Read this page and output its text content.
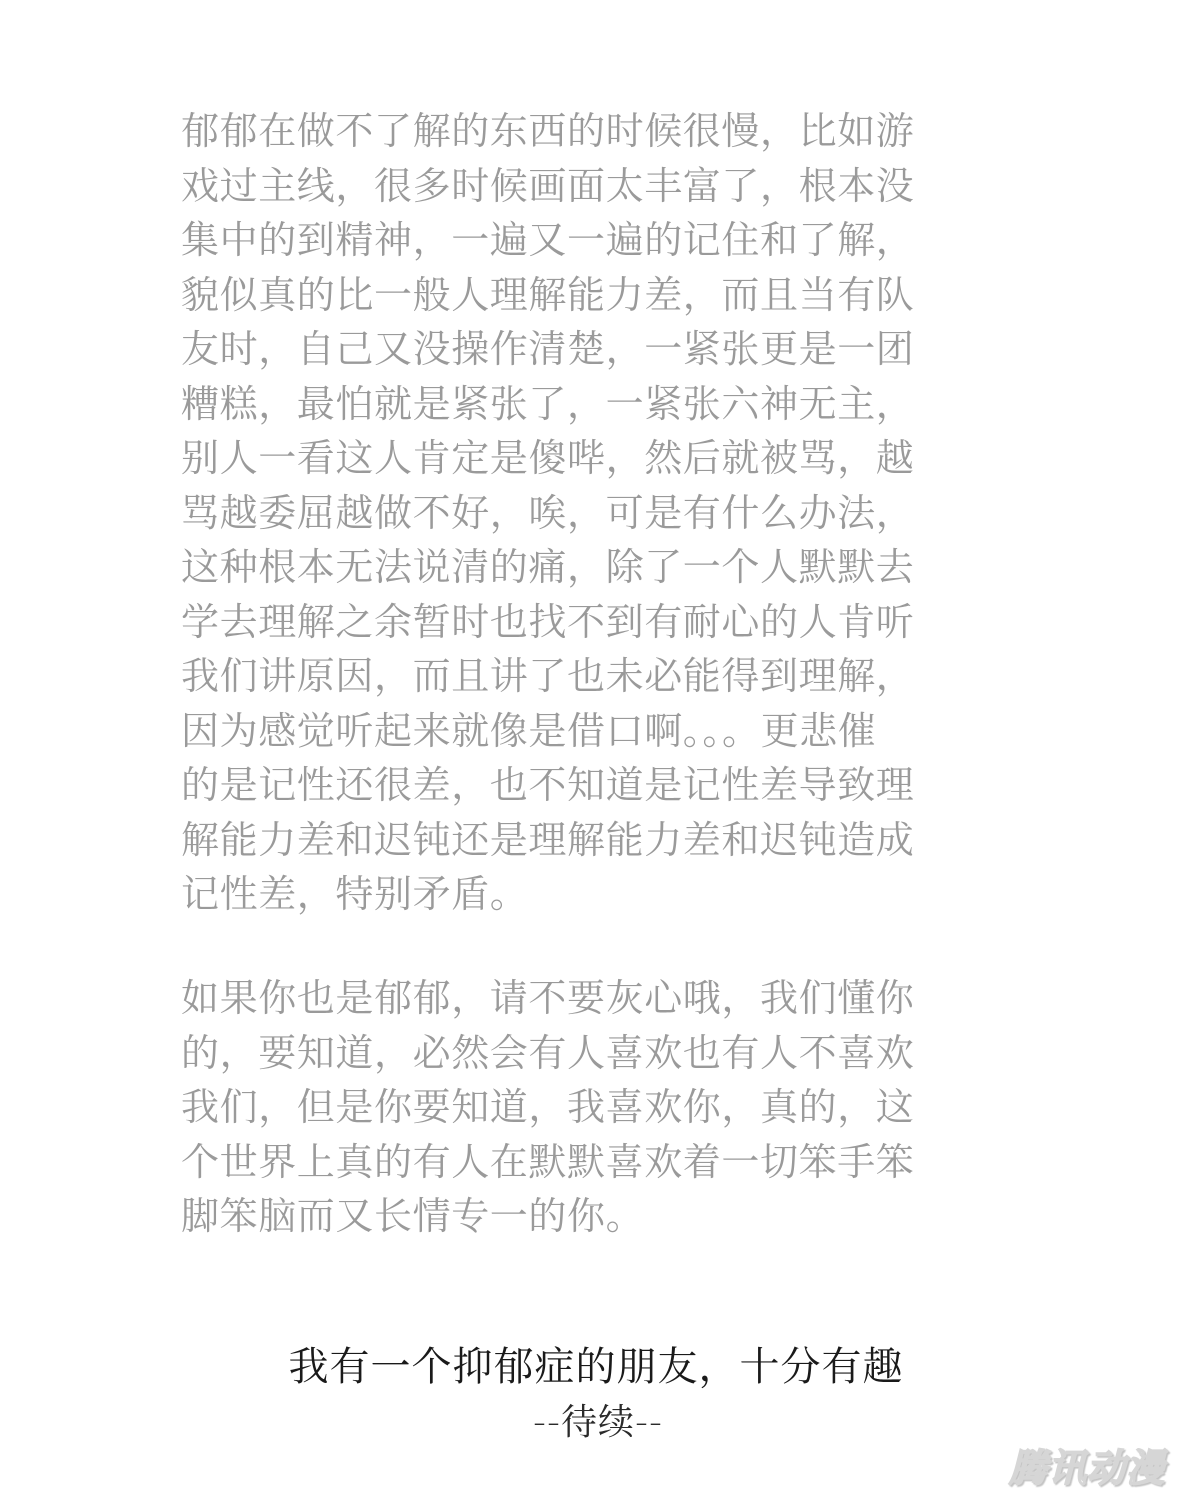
郁郁在做不了解的东西的时候很慢，比如游
戏过主线，很多时候画面太丰富了，根本没
集中的到精神，一遍又一遍的记住和了解，
貌似真的比一般人理解能力差，而且当有队
友时，自己又没操作清楚，一紧张更是一团
糟糕，最怕就是紧张了，一紧张六神无主，
别人一看这人肯定是傻哔，然后就被骂，越
骂越委屈越做不好，唉，可是有什么办法，
这种根本无法说清的痛，除了一个人默默去
学去理解之余暂时也找不到有耐心的人肯听
我们讲原因，而且讲了也未必能得到理解，
因为感觉听起来就像是借口啊。。。更悲催
的是记性还很差，也不知道是记性差导致理
解能力差和迟钝还是理解能力差和迟钝造成
记性差，特别矛盾。
如果你也是郁郁，请不要灰心哦，我们懂你
的，要知道，必然会有人喜欢也有人不喜欢
我们，但是你要知道，我喜欢你，真的，这
个世界上真的有人在默默喜欢着一切笨手笨
脚笨脑而又长情专一的你。
我有一个抑郁症的朋友，十分有趣
--待续--
腾讯动漫
